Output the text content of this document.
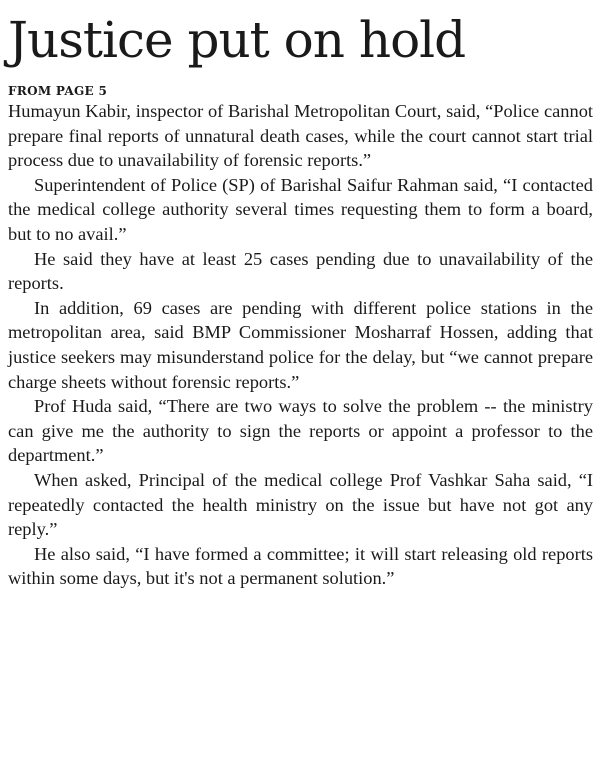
Justice put on hold
FROM PAGE 5

Humayun Kabir, inspector of Barishal Metropolitan Court, said, “Police cannot prepare final reports of unnatural death cases, while the court cannot start trial process due to unavailability of forensic reports.”

Superintendent of Police (SP) of Barishal Saifur Rahman said, “I contacted the medical college authority several times requesting them to form a board, but to no avail.”

He said they have at least 25 cases pending due to unavailability of the reports.

In addition, 69 cases are pending with different police stations in the metropolitan area, said BMP Commissioner Mosharraf Hossen, adding that justice seekers may misunderstand police for the delay, but “we cannot prepare charge sheets without forensic reports.”

Prof Huda said, “There are two ways to solve the problem -- the ministry can give me the authority to sign the reports or appoint a professor to the department.”

When asked, Principal of the medical college Prof Vashkar Saha said, “I repeatedly contacted the health ministry on the issue but have not got any reply.”

He also said, “I have formed a committee; it will start releasing old reports within some days, but it's not a permanent solution.”
